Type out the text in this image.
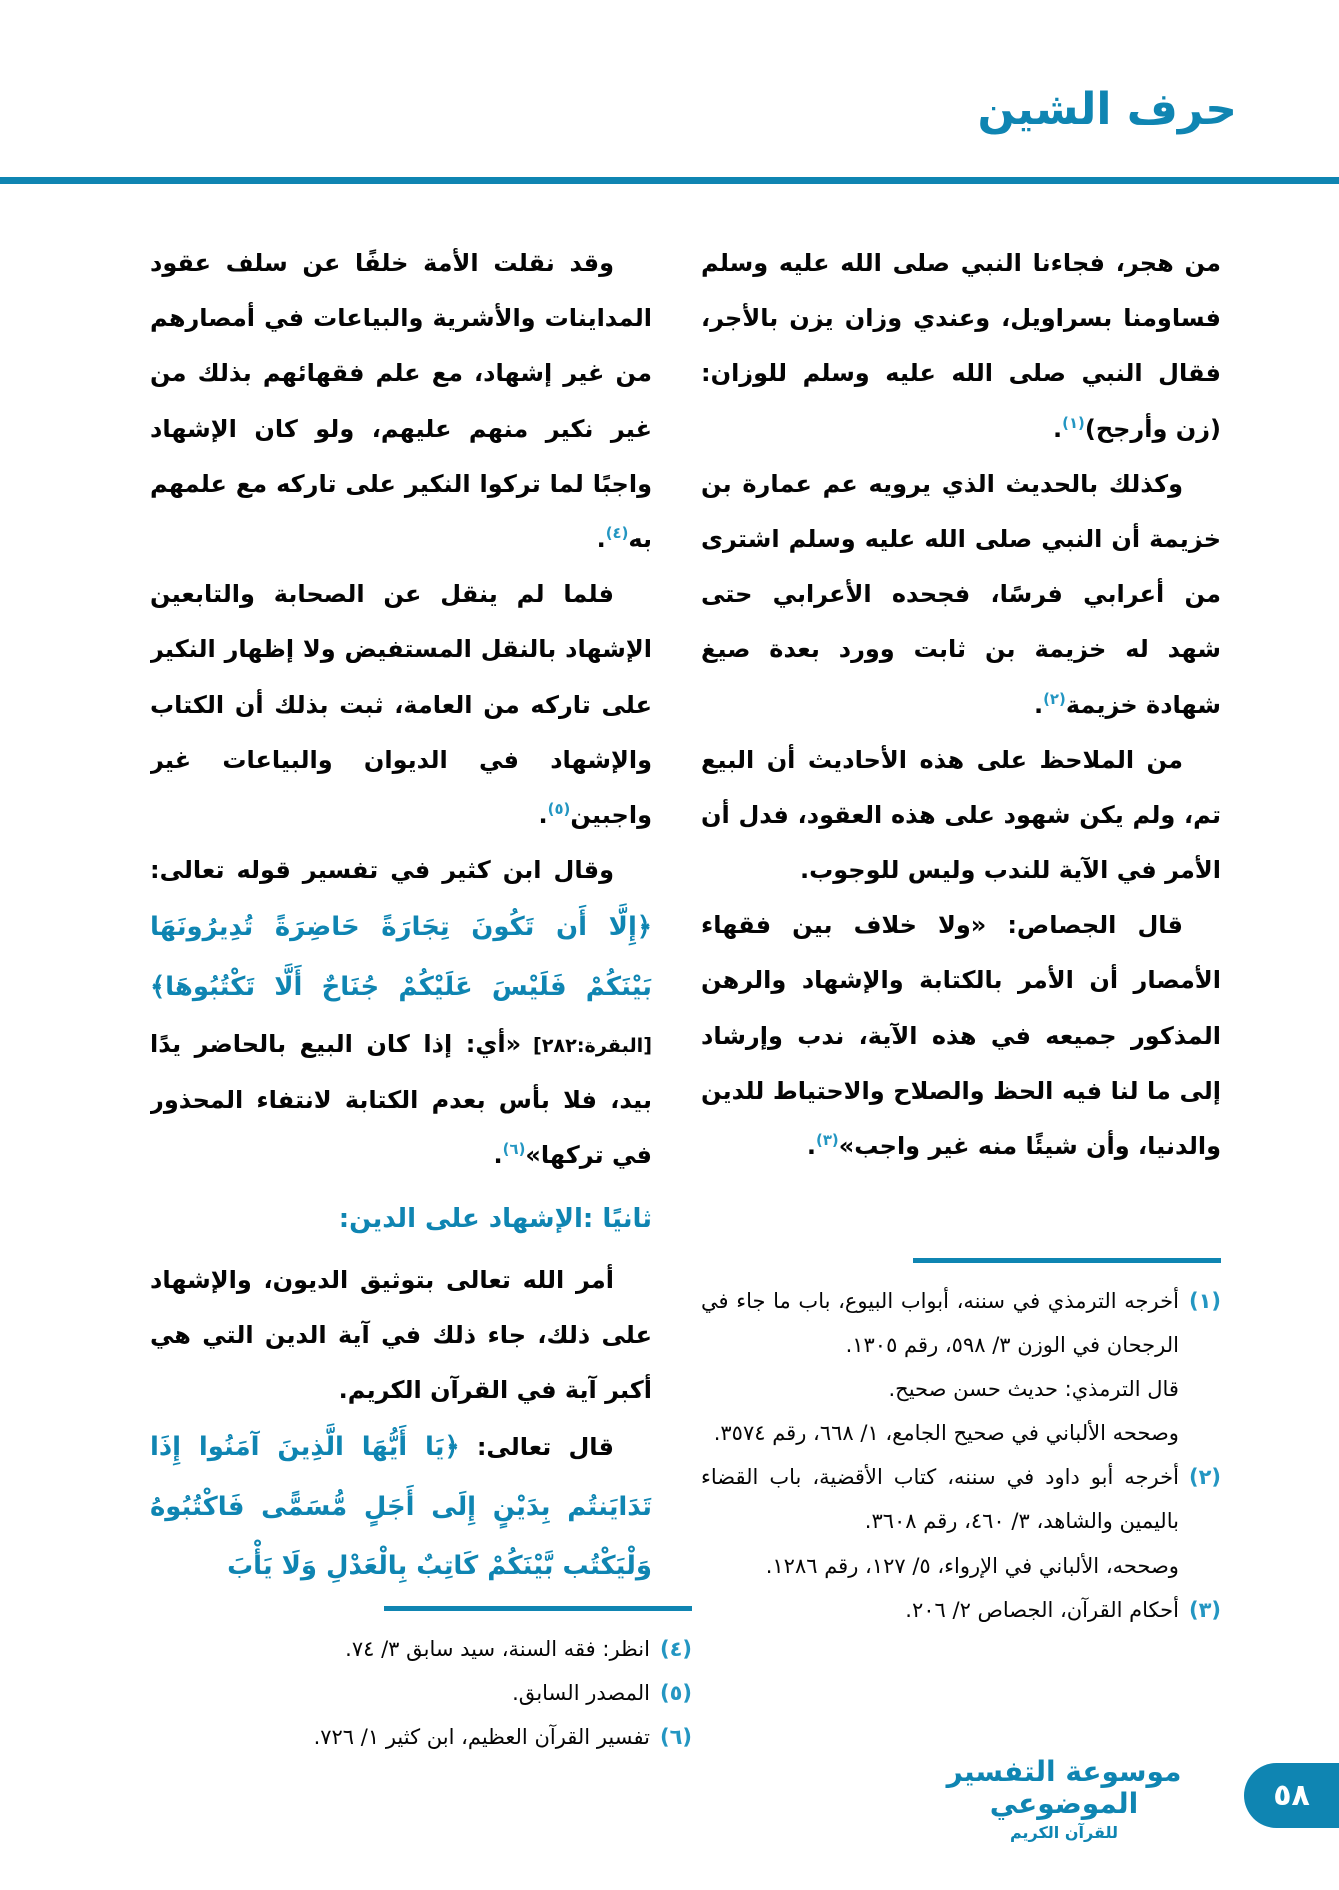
حرف الشين

من هجر، فجاءنا النبي صلى الله عليه وسلم فساومنا بسراويل، وعندي وزان يزن بالأجر، فقال النبي صلى الله عليه وسلم للوزان: (زن وأرجح)$^{(١)}$.

وكذلك بالحديث الذي يرويه عم عمارة بن خزيمة أن النبي صلى الله عليه وسلم اشترى من أعرابي فرسًا، فجحده الأعرابي حتى شهد له خزيمة بن ثابت وورد بعدة صيغ شهادة خزيمة$^{(٢)}$.

من الملاحظ على هذه الأحاديث أن البيع تم، ولم يكن شهود على هذه العقود، فدل أن الأمر في الآية للندب وليس للوجوب.

قال الجصاص: «ولا خلاف بين فقهاء الأمصار أن الأمر بالكتابة والإشهاد والرهن المذكور جميعه في هذه الآية، ندب وإرشاد إلى ما لنا فيه الحظ والصلاح والاحتياط للدين والدنيا، وأن شيئًا منه غير واجب»$^{(٣)}$.

(١)
أخرجه الترمذي في سننه، أبواب البيوع، باب ما جاء في الرجحان في الوزن ٣/ ٥٩٨، رقم ١٣٠٥.
قال الترمذي: حديث حسن صحيح.
وصححه الألباني في صحيح الجامع، ١/ ٦٦٨، رقم ٣٥٧٤.
(٢)
أخرجه أبو داود في سننه، كتاب الأقضية، باب القضاء باليمين والشاهد، ٣/ ٤٦٠، رقم ٣٦٠٨.
وصححه، الألباني في الإرواء، ٥/ ١٢٧، رقم ١٢٨٦.
(٣)
أحكام القرآن، الجصاص ٢/ ٢٠٦.

وقد نقلت الأمة خلفًا عن سلف عقود المداينات والأشرية والبياعات في أمصارهم من غير إشهاد، مع علم فقهائهم بذلك من غير نكير منهم عليهم، ولو كان الإشهاد واجبًا لما تركوا النكير على تاركه مع علمهم به$^{(٤)}$.

فلما لم ينقل عن الصحابة والتابعين الإشهاد بالنقل المستفيض ولا إظهار النكير على تاركه من العامة، ثبت بذلك أن الكتاب والإشهاد في الديوان والبياعات غير واجبين$^{(٥)}$.

وقال ابن كثير في تفسير قوله تعالى: ﴿إِلَّا أَن تَكُونَ تِجَارَةً حَاضِرَةً تُدِيرُونَهَا بَيْنَكُمْ فَلَيْسَ عَلَيْكُمْ جُنَاحٌ أَلَّا تَكْتُبُوهَا﴾ [البقرة:٢٨٢] «أي: إذا كان البيع بالحاضر يدًا بيد، فلا بأس بعدم الكتابة لانتفاء المحذور في تركها»$^{(٦)}$.

ثانيًا :الإشهاد على الدين:

أمر الله تعالى بتوثيق الديون، والإشهاد على ذلك، جاء ذلك في آية الدين التي هي أكبر آية في القرآن الكريم.

قال تعالى: ﴿يَا أَيُّهَا الَّذِينَ آمَنُوا إِذَا تَدَايَنتُم بِدَيْنٍ إِلَى أَجَلٍ مُّسَمًّى فَاكْتُبُوهُ وَلْيَكْتُب بَّيْنَكُمْ كَاتِبٌ بِالْعَدْلِ وَلَا يَأْبَ

(٤)
انظر: فقه السنة، سيد سابق ٣/ ٧٤.
(٥)
المصدر السابق.
(٦)
تفسير القرآن العظيم، ابن كثير ١/ ٧٢٦.
موسوعة التفسير الموضوعي
للقرآن الكريم
٥٨
